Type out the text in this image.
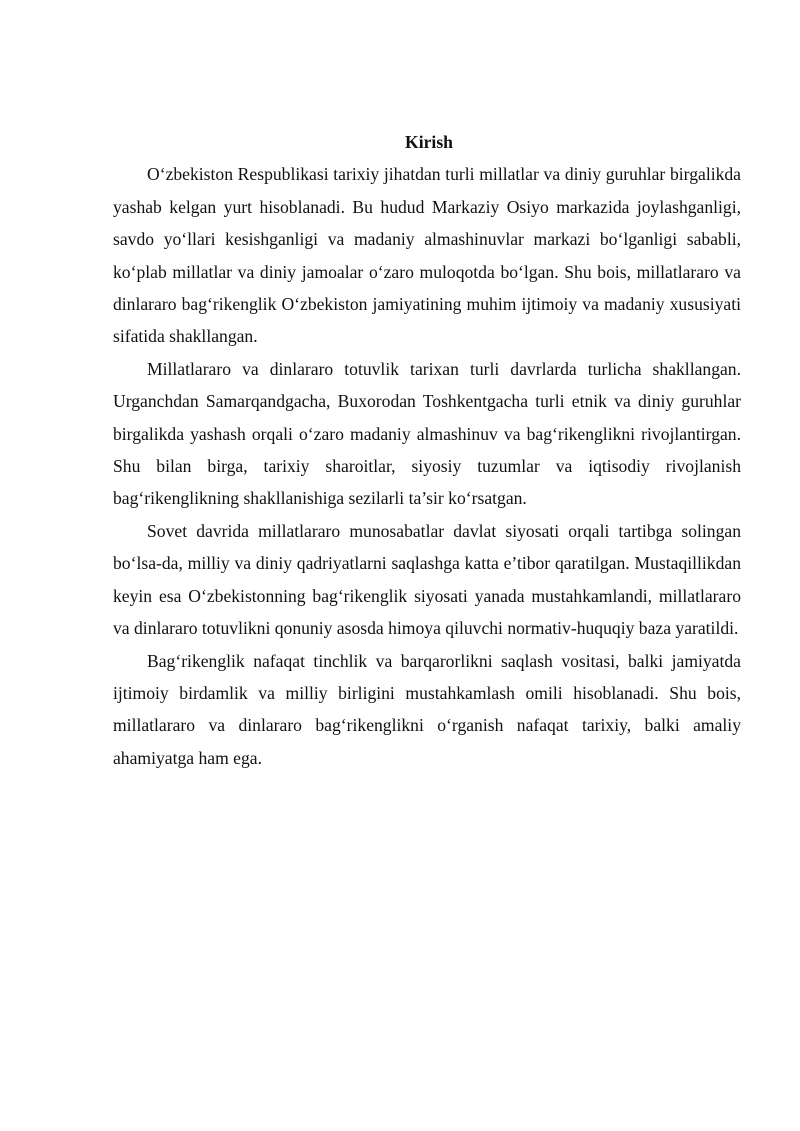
Kirish

O‘zbekiston Respublikasi tarixiy jihatdan turli millatlar va diniy guruhlar birgalikda yashab kelgan yurt hisoblanadi. Bu hudud Markaziy Osiyo markazida joylashganligi, savdo yo‘llari kesishganligi va madaniy almashinuvlar markazi bo‘lganligi sababli, ko‘plab millatlar va diniy jamoalar o‘zaro muloqotda bo‘lgan. Shu bois, millatlararo va dinlararo bag‘rikenglik O‘zbekiston jamiyatining muhim ijtimoiy va madaniy xususiyati sifatida shakllangan.

Millatlararo va dinlararo totuvlik tarixan turli davrlarda turlicha shakllangan. Urganchdan Samarqandgacha, Buxorodan Toshkentgacha turli etnik va diniy guruhlar birgalikda yashash orqali o‘zaro madaniy almashinuv va bag‘rikenglikni rivojlantirgan. Shu bilan birga, tarixiy sharoitlar, siyosiy tuzumlar va iqtisodiy rivojlanish bag‘rikenglikning shakllanishiga sezilarli ta’sir ko‘rsatgan.

Sovet davrida millatlararo munosabatlar davlat siyosati orqali tartibga solingan bo‘lsa-da, milliy va diniy qadriyatlarni saqlashga katta e’tibor qaratilgan. Mustaqillikdan keyin esa O‘zbekistonning bag‘rikenglik siyosati yanada mustahkamlandi, millatlararo va dinlararo totuvlikni qonuniy asosda himoya qiluvchi normativ-huquqiy baza yaratildi.

Bag‘rikenglik nafaqat tinchlik va barqarorlikni saqlash vositasi, balki jamiyatda ijtimoiy birdamlik va milliy birligini mustahkamlash omili hisoblanadi. Shu bois, millatlararo va dinlararo bag‘rikenglikni o‘rganish nafaqat tarixiy, balki amaliy ahamiyatga ham ega.
